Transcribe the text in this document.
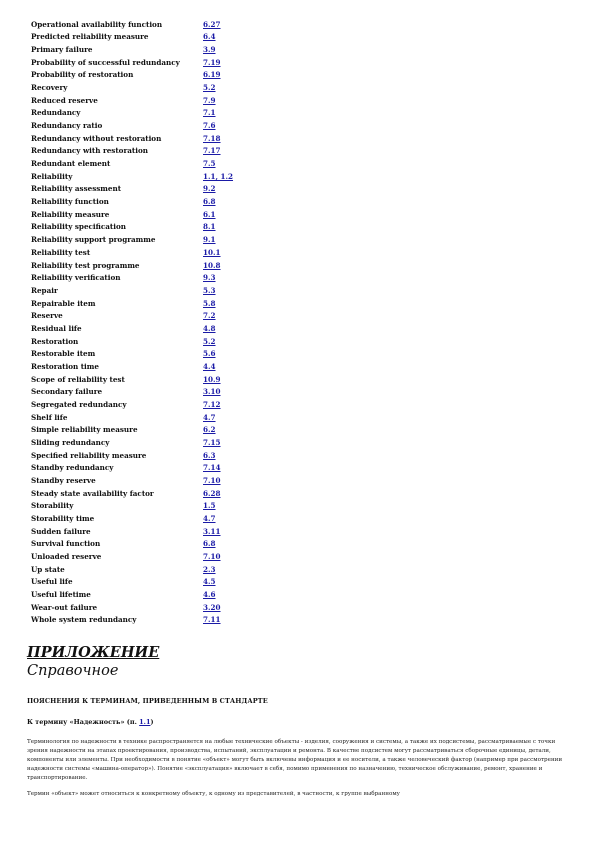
Operational availability function	6.27
Predicted reliability measure	6.4
Primary failure	3.9
Probability of successful redundancy	7.19
Probability of restoration	6.19
Recovery	5.2
Reduced reserve	7.9
Redundancy	7.1
Redundancy ratio	7.6
Redundancy without restoration	7.18
Redundancy with restoration	7.17
Redundant element	7.5
Reliability	1.1, 1.2
Reliability assessment	9.2
Reliability function	6.8
Reliability measure	6.1
Reliability specification	8.1
Reliability support programme	9.1
Reliability test	10.1
Reliability test programme	10.8
Reliability verification	9.3
Repair	5.3
Repairable item	5.8
Reserve	7.2
Residual life	4.8
Restoration	5.2
Restorable item	5.6
Restoration time	4.4
Scope of reliability test	10.9
Secondary failure	3.10
Segregated redundancy	7.12
Shelf life	4.7
Simple reliability measure	6.2
Sliding redundancy	7.15
Specified reliability measure	6.3
Standby redundancy	7.14
Standby reserve	7.10
Steady state availability factor	6.28
Storability	1.5
Storability time	4.7
Sudden failure	3.11
Survival function	6.8
Unloaded reserve	7.10
Up state	2.3
Useful life	4.5
Useful lifetime	4.6
Wear-out failure	3.20
Whole system redundancy	7.11
ПРИЛОЖЕНИЕ
Справочное

ПОЯСНЕНИЯ К ТЕРМИНАМ, ПРИВЕДЕННЫМ В СТАНДАРТЕ

К термину «Надежность» (п. 1.1)

Терминология по надежности в технике распространяется на любые технические объекты - изделия, сооружения и системы, а также их подсистемы, рассматриваемые с точки зрения надежности на этапах проектирования, производства, испытаний, эксплуатации и ремонта. В качестве подсистем могут рассматриваться сборочные единицы, детали, компоненты или элементы. При необходимости в понятие «объект» могут быть включены информация и ее носители, а также человеческий фактор (например при рассмотрении надежности системы «машина-оператор»). Понятие «эксплуатация» включает в себя, помимо применения по назначению, техническое обслуживание, ремонт, хранение и транспортирование.

Термин «объект» может относиться к конкретному объекту, к одному из представителей, в частности, к группе выбранному
